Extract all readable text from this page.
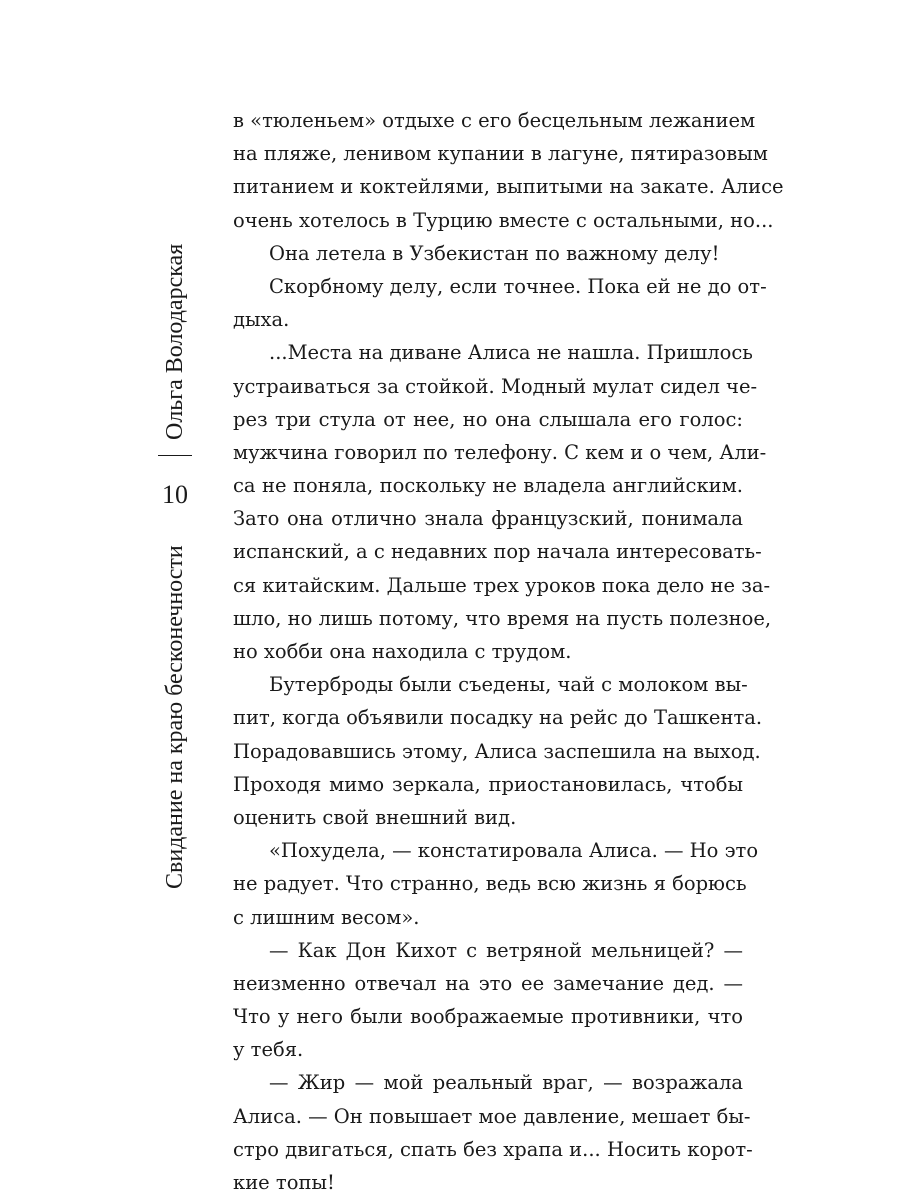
Ольга Володарская
10
Свидание на краю бесконечности
в «тюленьем» отдыхе с его бесцельным лежанием
на пляже, ленивом купании в лагуне, пятиразовым
питанием и коктейлями, выпитыми на закате. Алисе
очень хотелось в Турцию вместе с остальными, но...
Она летела в Узбекистан по важному делу!
Скорбному делу, если точнее. Пока ей не до от-
дыха.
...Места на диване Алиса не нашла. Пришлось
устраиваться за стойкой. Модный мулат сидел че-
рез три стула от нее, но она слышала его голос:
мужчина говорил по телефону. С кем и о чем, Али-
са не поняла, поскольку не владела английским.
Зато она отлично знала французский, понимала
испанский, а с недавних пор начала интересовать-
ся китайским. Дальше трех уроков пока дело не за-
шло, но лишь потому, что время на пусть полезное,
но хобби она находила с трудом.
Бутерброды были съедены, чай с молоком вы-
пит, когда объявили посадку на рейс до Ташкента.
Порадовавшись этому, Алиса заспешила на выход.
Проходя мимо зеркала, приостановилась, чтобы
оценить свой внешний вид.
«Похудела, — констатировала Алиса. — Но это
не радует. Что странно, ведь всю жизнь я борюсь
с лишним весом».
— Как Дон Кихот с ветряной мельницей? —
неизменно отвечал на это ее замечание дед. —
Что у него были воображаемые противники, что
у тебя.
— Жир — мой реальный враг, — возражала
Алиса. — Он повышает мое давление, мешает бы-
стро двигаться, спать без храпа и... Носить корот-
кие топы!
